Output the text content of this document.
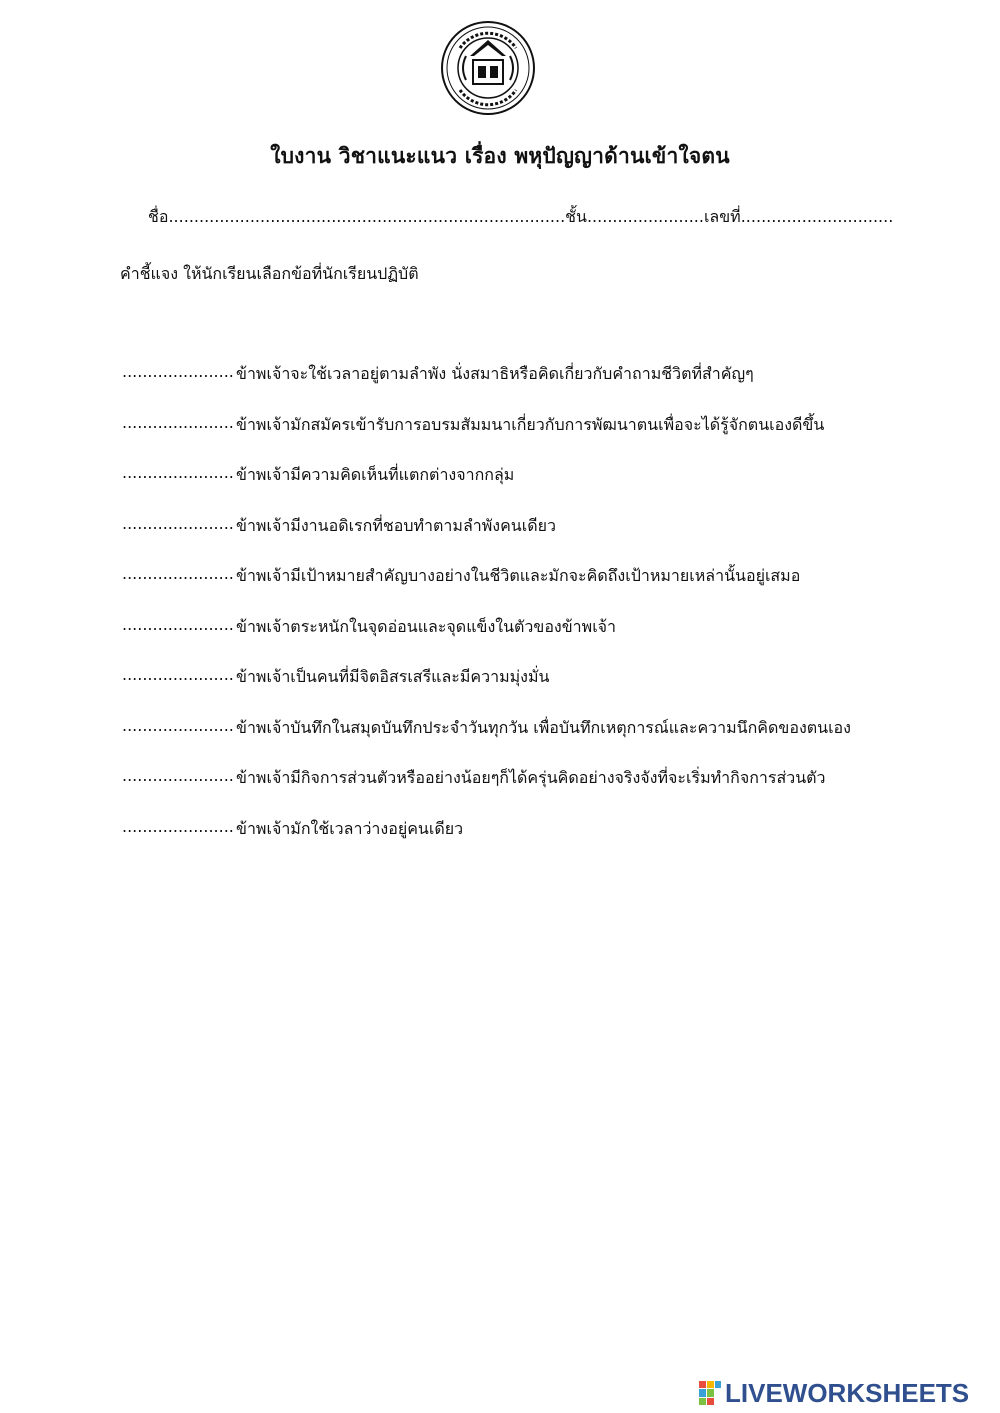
ใบงาน วิชาแนะแนว เรื่อง พหุปัญญาด้านเข้าใจตน
ชื่อ..............................................................................ชั้น.......................เลขที่..............................
คำชี้แจง ให้นักเรียนเลือกข้อที่นักเรียนปฏิบัติ
...................... ข้าพเจ้าจะใช้เวลาอยู่ตามลำพัง นั่งสมาธิหรือคิดเกี่ยวกับคำถามชีวิตที่สำคัญๆ
...................... ข้าพเจ้ามักสมัครเข้ารับการอบรมสัมมนาเกี่ยวกับการพัฒนาตนเพื่อจะได้รู้จักตนเองดีขึ้น
...................... ข้าพเจ้ามีความคิดเห็นที่แตกต่างจากกลุ่ม
...................... ข้าพเจ้ามีงานอดิเรกที่ชอบทำตามลำพังคนเดียว
...................... ข้าพเจ้ามีเป้าหมายสำคัญบางอย่างในชีวิตและมักจะคิดถึงเป้าหมายเหล่านั้นอยู่เสมอ
...................... ข้าพเจ้าตระหนักในจุดอ่อนและจุดแข็งในตัวของข้าพเจ้า
...................... ข้าพเจ้าเป็นคนที่มีจิตอิสรเสรีและมีความมุ่งมั่น
...................... ข้าพเจ้าบันทึกในสมุดบันทึกประจำวันทุกวัน เพื่อบันทึกเหตุการณ์และความนึกคิดของตนเอง
...................... ข้าพเจ้ามีกิจการส่วนตัวหรืออย่างน้อยๆก็ได้ครุ่นคิดอย่างจริงจังที่จะเริ่มทำกิจการส่วนตัว
...................... ข้าพเจ้ามักใช้เวลาว่างอยู่คนเดียว
LIVEWORKSHEETS
